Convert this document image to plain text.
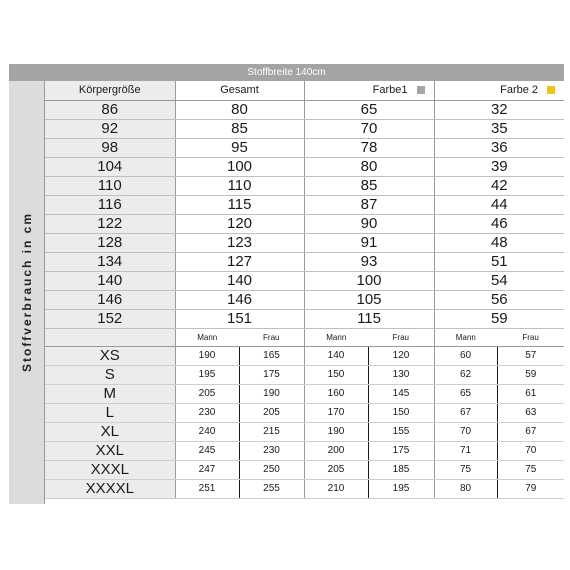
Stoffbreite 140cm
Stoffverbrauch in cm
Körpergröße	Gesamt		Farbe1		Farbe 2	

86	80		65		32	
92	85		70		35	
98	95		78		36	
104	100		80		39	
110	110		85		42	
116	115		87		44	
122	120		90		46	
128	123		91		48	
134	127		93		51	
140	140		100		54	
146	146		105		56	
152	151		115		59	
	Mann	Frau	Mann	Frau	Mann	Frau
XS	190	165	140	120	60	57
S	195	175	150	130	62	59
M	205	190	160	145	65	61
L	230	205	170	150	67	63
XL	240	215	190	155	70	67
XXL	245	230	200	175	71	70
XXXL	247	250	205	185	75	75
XXXXL	251	255	210	195	80	79
